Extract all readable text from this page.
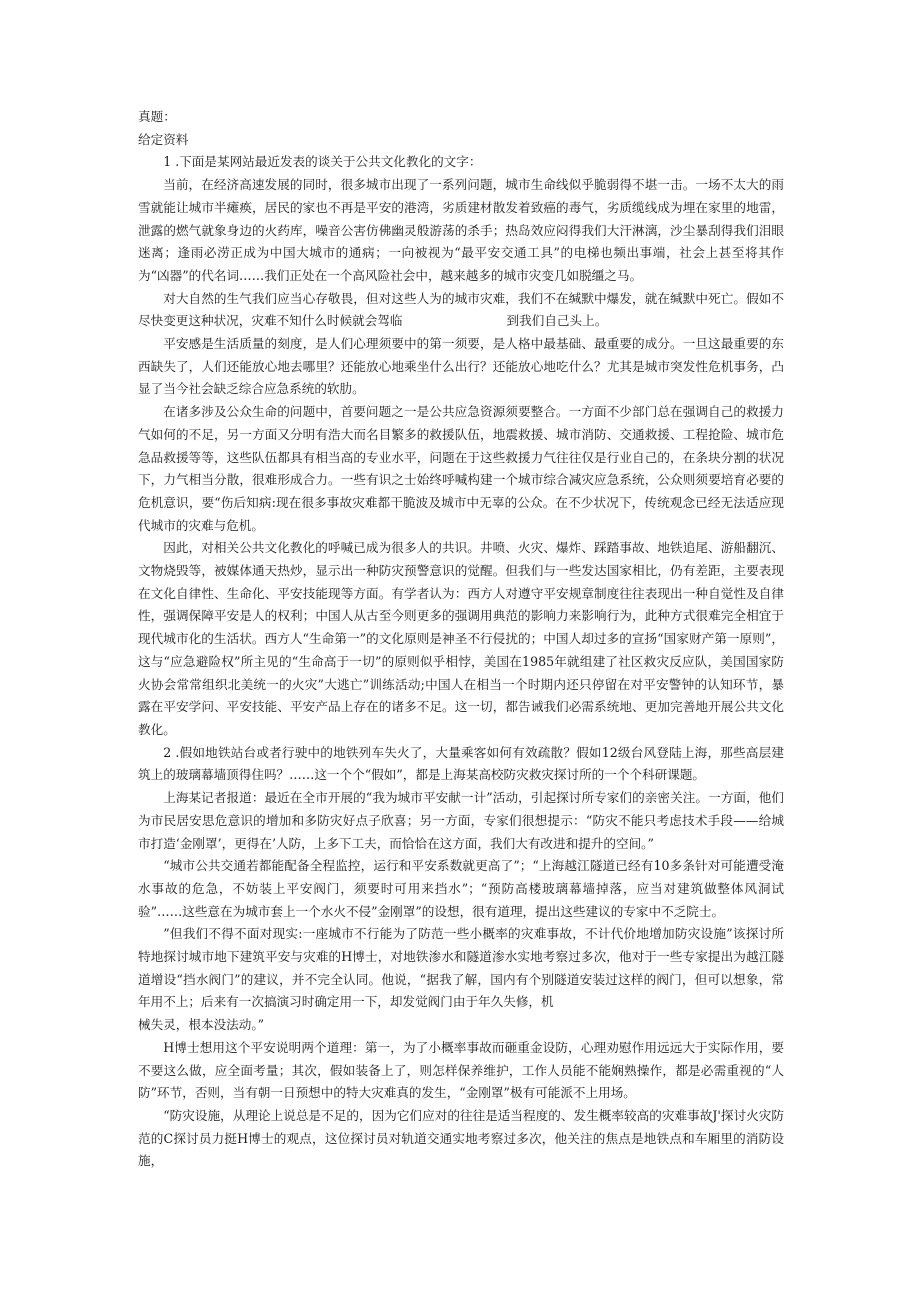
真题：

给定资料

1 .下面是某网站最近发表的谈关于公共文化教化的文字：

当前，在经济高速发展的同时，很多城市出现了一系列问题，城市生命线似乎脆弱得不堪一击。一场不太大的雨雪就能让城市半瘫痪，居民的家也不再是平安的港湾，劣质建材散发着致癌的毒气，劣质缆线成为埋在家里的地雷，泄露的燃气就象身边的火药库，噪音公害仿佛幽灵般游荡的杀手；热岛效应闷得我们大汗淋漓，沙尘暴刮得我们泪眼迷离；逢雨必涝正成为中国大城市的通病；一向被视为“最平安交通工具”的电梯也频出事端，社会上甚至将其作为“凶器”的代名词……我们正处在一个高风险社会中，越来越多的城市灾变几如脱缰之马。

对大自然的生气我们应当心存敬畏，但对这些人为的城市灾难，我们不在缄默中爆发，就在缄默中死亡。假如不尽快变更这种状况，灾难不知什么时候就会驾临                          到我们自己头上。

平安感是生活质量的刻度，是人们心理须要中的第一须要，是人格中最基础、最重要的成分。一旦这最重要的东西缺失了，人们还能放心地去哪里？还能放心地乘坐什么出行？还能放心地吃什么？尤其是城市突发性危机事务，凸显了当今社会缺乏综合应急系统的软肋。

在诸多涉及公众生命的问题中，首要问题之一是公共应急资源须要整合。一方面不少部门总在强调自己的救援力气如何的不足，另一方面又分明有浩大而名目繁多的救援队伍，地震救援、城市消防、交通救援、工程抢险、城市危急品救援等等，这些队伍都具有相当高的专业水平，问题在于这些救援力气往往仅是行业自己的，在条块分割的状况下，力气相当分散，很难形成合力。一些有识之士始终呼喊构建一个城市综合减灾应急系统，公众则须要培育必要的危机意识，要“伤后知病:现在很多事故灾难都干脆波及城市中无辜的公众。在不少状况下，传统观念已经无法适应现代城市的灾难与危机。

因此，对相关公共文化教化的呼喊已成为很多人的共识。井喷、火灾、爆炸、踩踏事故、地铁追尾、游船翻沉、文物烧毁等，被媒体通天热炒，显示出一种防灾预警意识的觉醒。但我们与一些发达国家相比，仍有差距，主要表现在文化自律性、生命化、平安技能现等方面。有学者认为：西方人对遵守平安规章制度往往表现出一种自觉性及自律性，强调保障平安是人的权利；中国人从古至今则更多的强调用典范的影响力来影响行为，此种方式很难完全相宜于现代城市化的生活状。西方人“生命第一”的文化原则是神圣不行侵扰的；中国人却过多的宣扬“国家财产第一原则”，这与“应急避险权”所主见的“生命高于一切”的原则似乎相悖，美国在1985年就组建了社区救灾反应队，美国国家防火协会常常组织北美统一的火灾”大逃亡”训练活动;中国人在相当一个时期内还只停留在对平安警钟的认知环节，暴露在平安学问、平安技能、平安产品上存在的诸多不足。这一切，都告诫我们必需系统地、更加完善地开展公共文化教化。

2 .假如地铁站台或者行驶中的地铁列车失火了，大量乘客如何有效疏散？假如12级台风登陆上海，那些高层建筑上的玻璃幕墙顶得住吗？……这一个个“假如”，都是上海某高校防灾救灾探讨所的一个个科研课题。

上海某记者报道：最近在全市开展的“我为城市平安献一计”活动，引起探讨所专家们的亲密关注。一方面，他们为市民居安思危意识的增加和多防灾好点子欣喜；另一方面，专家们很想提示：“防灾不能只考虑技术手段——给城市打造‘金刚罩’，更得在’人防，上多下工夫，而恰恰在这方面，我们大有改进和提升的空间。”

“城市公共交通若都能配备全程监控，运行和平安系数就更高了”；“上海越江隧道已经有10多条针对可能遭受淹水事故的危急，不妨装上平安阀门，须要时可用来挡水”；“预防高楼玻璃幕墙掉落，应当对建筑做整体风洞试验”……这些意在为城市套上一个水火不侵”金刚罩”的设想，很有道理，提出这些建议的专家中不乏院士。

”但我们不得不面对现实:一座城市不行能为了防范一些小概率的灾难事故，不计代价地增加防灾设施”该探讨所特地探讨城市地下建筑平安与灾难的H博士，对地铁渗水和隧道渗水实地考察过多次，他对于一些专家提出为越江隧道增设“挡水阀门”的建议，并不完全认同。他说，“据我了解，国内有个别隧道安装过这样的阀门，但可以想象，常年用不上；后来有一次搞演习时确定用一下，却发觉阀门由于年久失修，机

械失灵，根本没法动。”

H博士想用这个平安说明两个道理：第一，为了小概率事故而砸重金设防，心理劝慰作用远远大于实际作用，要不要这么做，应全面考量；其次，假如装备上了，则怎样保养维护，工作人员能不能娴熟操作，都是必需重视的“人防”环节，否则，当有朝一日预想中的特大灾难真的发生，“金刚罩”极有可能派不上用场。

“防灾设施，从理论上说总是不足的，因为它们应对的往往是适当程度的、发生概率较高的灾难事故J'探讨火灾防范的C探讨员力挺H博士的观点，这位探讨员对轨道交通实地考察过多次，他关注的焦点是地铁点和车厢里的消防设施，
